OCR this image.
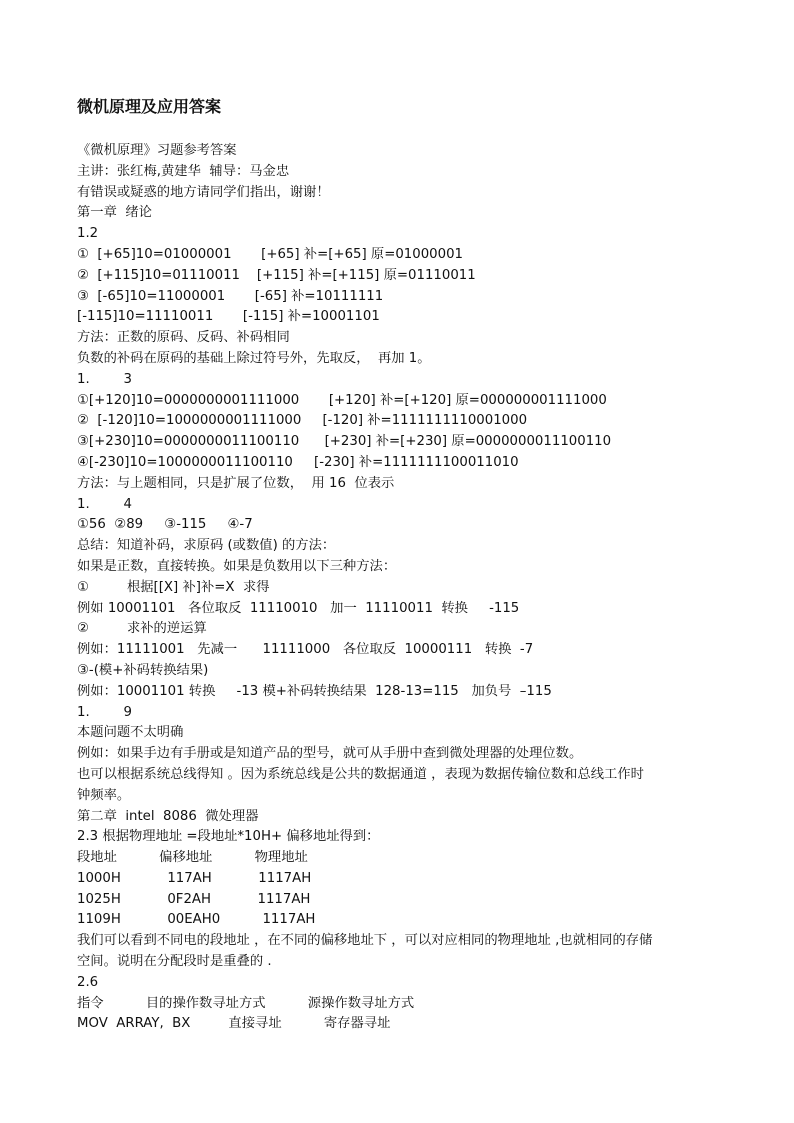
微机原理及应用答案
《微机原理》习题参考答案
主讲：张红梅,黄建华  辅导：马金忠
有错误或疑惑的地方请同学们指出，谢谢！
第一章  绪论
1.2
①  [+65]10=01000001       [+65] 补=[+65] 原=01000001
②  [+115]10=01110011    [+115] 补=[+115] 原=01110011
③  [-65]10=11000001       [-65] 补=10111111
[-115]10=11110011       [-115] 补=10001101
方法：正数的原码、反码、补码相同
负数的补码在原码的基础上除过符号外，先取反，  再加 1。
1.        3
①[+120]10=0000000001111000       [+120] 补=[+120] 原=000000001111000
②  [-120]10=1000000001111000     [-120] 补=1111111110001000
③[+230]10=0000000011100110      [+230] 补=[+230] 原=0000000011100110
④[-230]10=1000000011100110     [-230] 补=1111111100011010
方法：与上题相同，只是扩展了位数，  用 16  位表示
1.        4
①56  ②89     ③-115     ④-7
总结：知道补码，求原码 (或数值) 的方法：
如果是正数，直接转换。如果是负数用以下三种方法：
①         根据[[X] 补]补=X  求得
例如 10001101   各位取反  11110010   加一  11110011  转换     -115
②         求补的逆运算
例如：11111001   先减一      11111000   各位取反  10000111   转换  -7
③-(模+补码转换结果)
例如：10001101 转换     -13 模+补码转换结果  128-13=115   加负号  –115
1.        9
本题问题不太明确
例如：如果手边有手册或是知道产品的型号，就可从手册中查到微处理器的处理位数。
也可以根据系统总线得知 。因为系统总线是公共的数据通道 ，表现为数据传输位数和总线工作时
钟频率。
第二章  intel  8086  微处理器
2.3 根据物理地址 =段地址*10H+ 偏移地址得到：
段地址          偏移地址          物理地址
1000H           117AH           1117AH
1025H           0F2AH           1117AH
1109H           00EAH0          1117AH
我们可以看到不同电的段地址 ，在不同的偏移地址下 ，可以对应相同的物理地址 ,也就相同的存储
空间。说明在分配段时是重叠的 .
2.6
指令          目的操作数寻址方式          源操作数寻址方式
MOV  ARRAY,  BX         直接寻址          寄存器寻址
